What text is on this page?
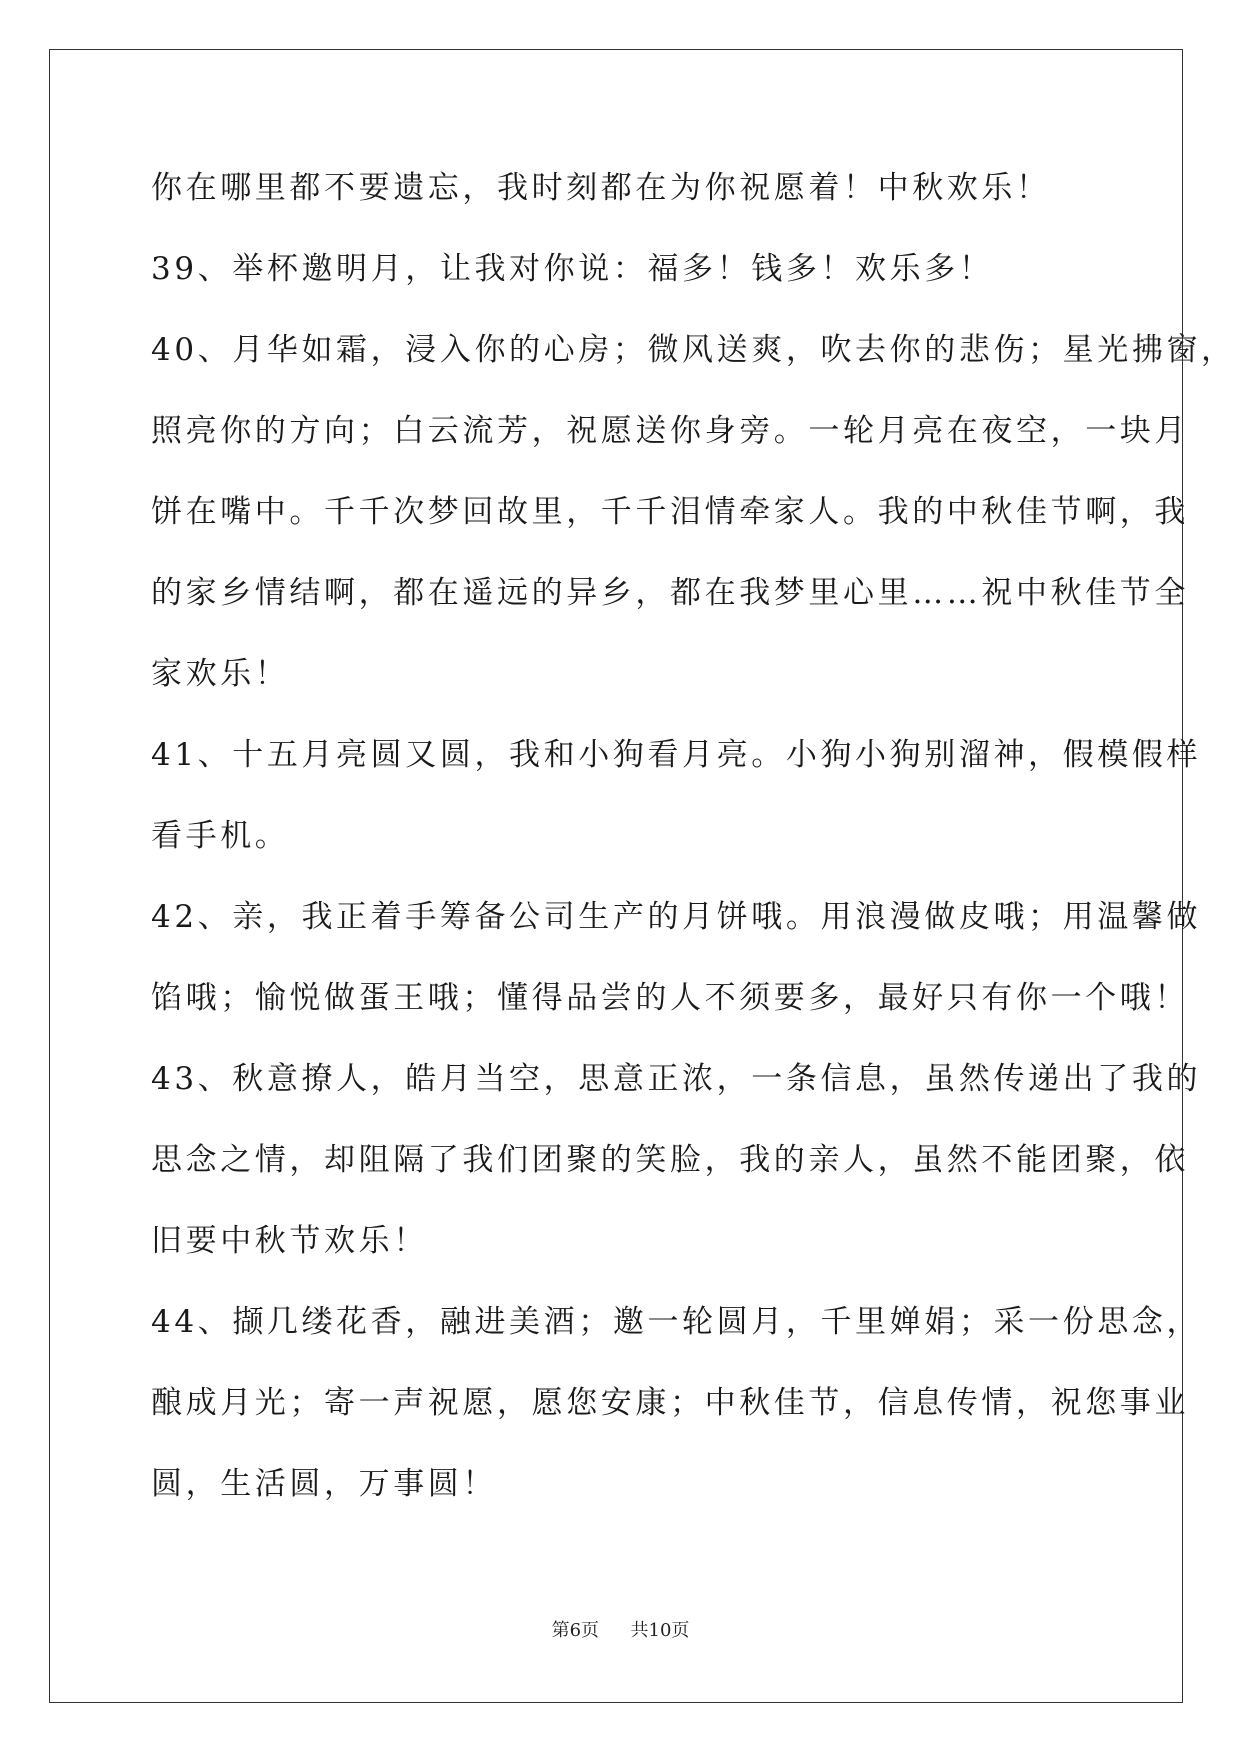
你在哪里都不要遗忘，我时刻都在为你祝愿着！中秋欢乐！
39、举杯邀明月，让我对你说：福多！钱多！欢乐多！
40、月华如霜，浸入你的心房；微风送爽，吹去你的悲伤；星光拂窗，
照亮你的方向；白云流芳，祝愿送你身旁。一轮月亮在夜空，一块月
饼在嘴中。千千次梦回故里，千千泪情牵家人。我的中秋佳节啊，我
的家乡情结啊，都在遥远的异乡，都在我梦里心里……祝中秋佳节全
家欢乐！
41、十五月亮圆又圆，我和小狗看月亮。小狗小狗别溜神，假模假样
看手机。
42、亲，我正着手筹备公司生产的月饼哦。用浪漫做皮哦；用温馨做
馅哦；愉悦做蛋王哦；懂得品尝的人不须要多，最好只有你一个哦！
43、秋意撩人，皓月当空，思意正浓，一条信息，虽然传递出了我的
思念之情，却阻隔了我们团聚的笑脸，我的亲人，虽然不能团聚，依
旧要中秋节欢乐！
44、撷几缕花香，融进美酒；邀一轮圆月，千里婵娟；采一份思念，
酿成月光；寄一声祝愿，愿您安康；中秋佳节，信息传情，祝您事业
圆，生活圆，万事圆！
第6页 共10页
